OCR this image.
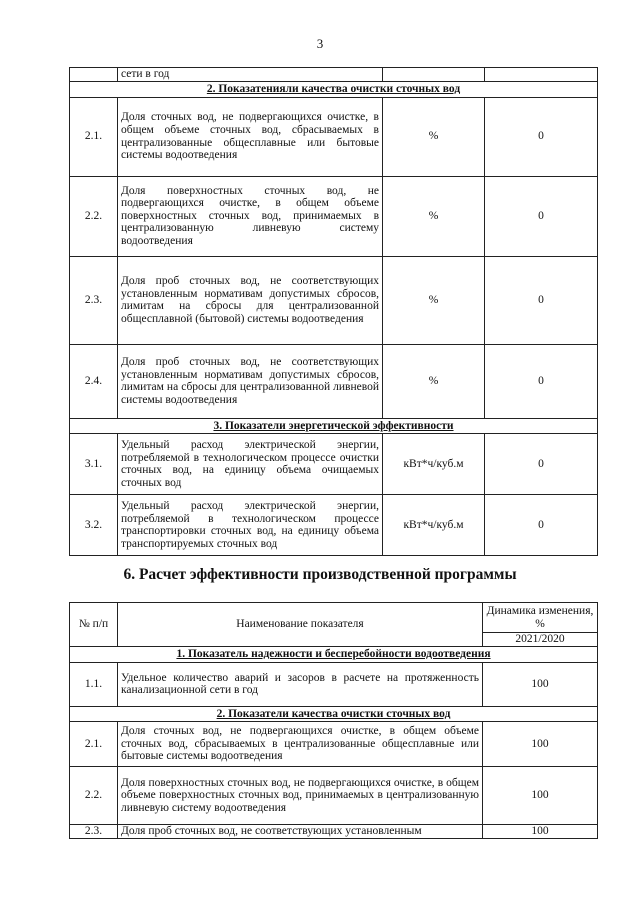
3
	сети в год		
2. Показатенияли качества очистки сточных вод			
2.1.	Доля сточных вод, не подвергающихся очистке, в общем объеме сточных вод, сбрасываемых в централизованные общесплавные или бытовые системы водоотведения	%	0
2.2.	Доля поверхностных сточных вод, не подвергающихся очистке, в общем объеме поверхностных сточных вод, принимаемых в централизованную ливневую систему водоотведения	%	0
2.3.	Доля проб сточных вод, не соответствующих установленным нормативам допустимых сбросов, лимитам на сбросы для централизованной общесплавной (бытовой) системы водоотведения	%	0
2.4.	Доля проб сточных вод, не соответствующих установленным нормативам допустимых сбросов, лимитам на сбросы для централизованной ливневой системы водоотведения	%	0
3. Показатели энергетической эффективности			
3.1.	Удельный расход электрической энергии, потребляемой в технологическом процессе очистки сточных вод, на единицу объема очищаемых сточных вод	кВт*ч/куб.м	0
3.2.	Удельный расход электрической энергии, потребляемой в технологическом процессе транспортировки сточных вод, на единицу объема транспортируемых сточных вод	кВт*ч/куб.м	0
6. Расчет эффективности производственной программы
№ п/п	Наименование показателя	Динамика изменения, %
		2021/2020
1. Показатель надежности и бесперебойности водоотведения		
1.1.	Удельное количество аварий и засоров в расчете на протяженность канализационной сети в год	100
2. Показатели качества очистки сточных вод		
2.1.	Доля сточных вод, не подвергающихся очистке, в общем объеме сточных вод, сбрасываемых в централизованные общесплавные или бытовые системы водоотведения	100
2.2.	Доля поверхностных сточных вод, не подвергающихся очистке, в общем объеме поверхностных сточных вод, принимаемых в централизованную ливневую систему водоотведения	100
2.3.	Доля проб сточных вод, не соответствующих установленным	100
